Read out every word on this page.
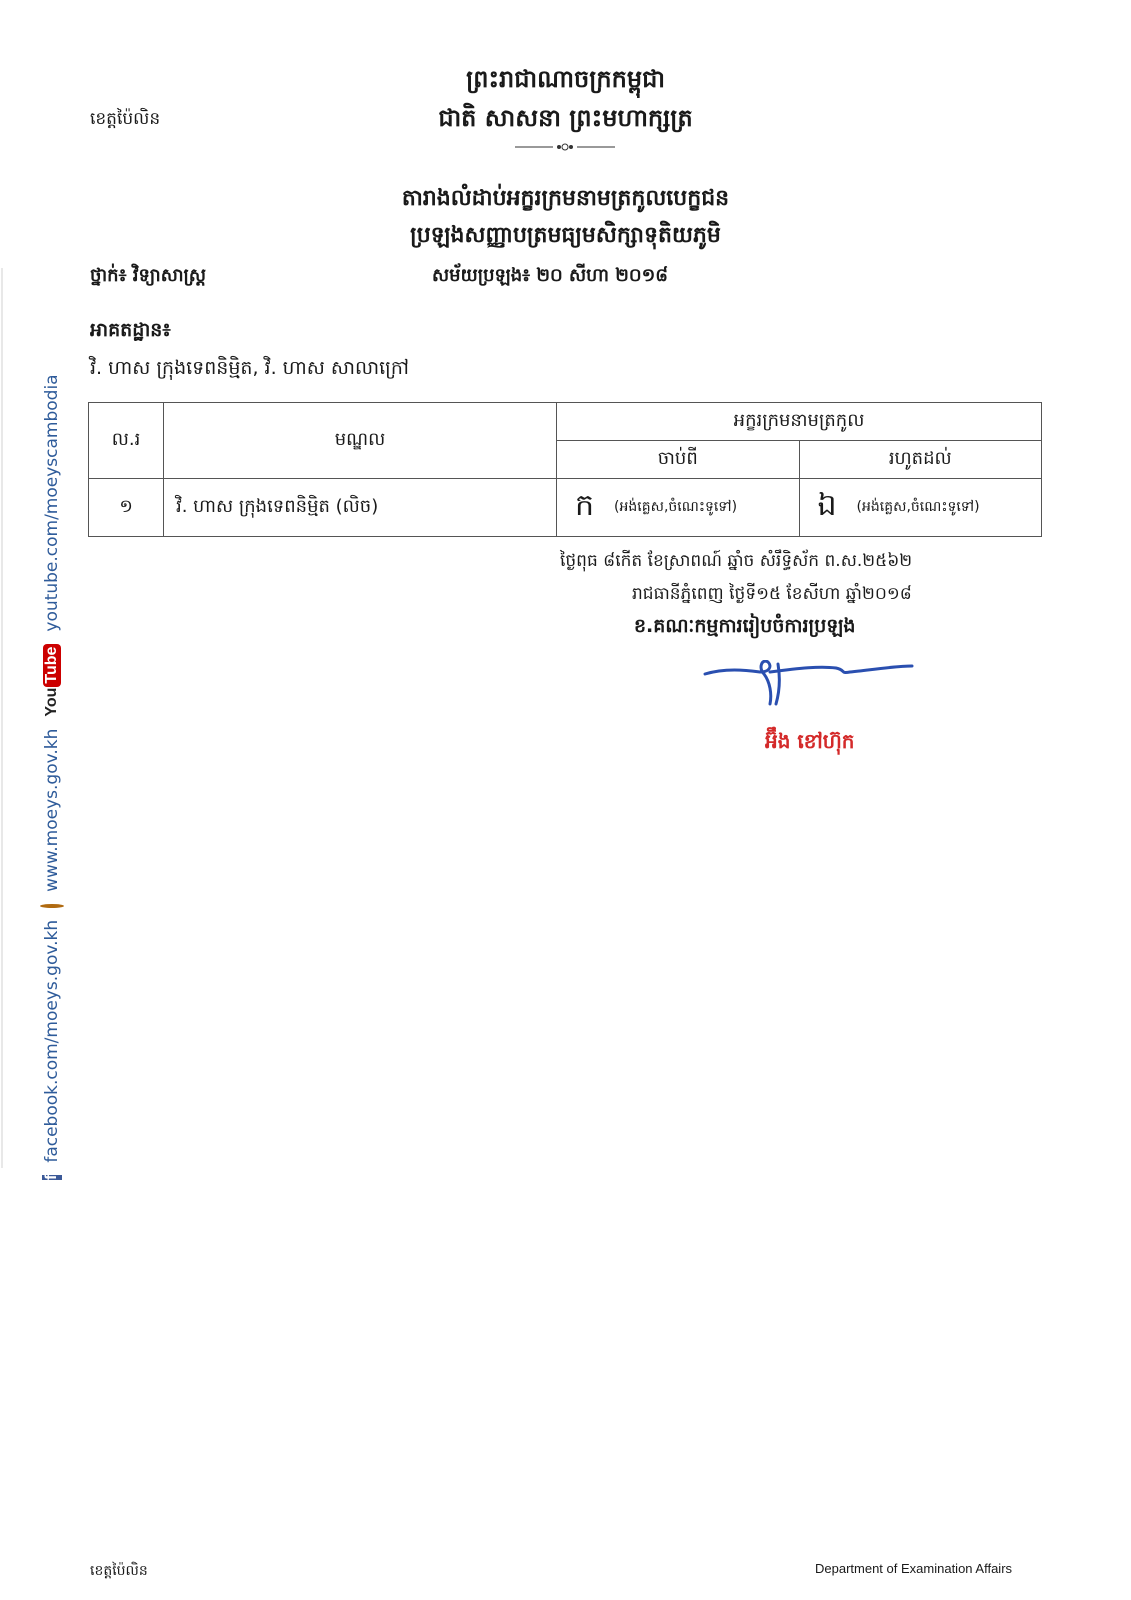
ខេត្តប៉ៃលិន
ព្រះរាជាណាចក្រកម្ពុជា
ជាតិ សាសនា ព្រះមហាក្សត្រ
តារាងលំដាប់អក្ខរក្រមនាមត្រកូលបេក្ខជន
ប្រឡងសញ្ញាបត្រមធ្យមសិក្សាទុតិយភូមិ
ថ្នាក់៖ វិទ្យាសាស្ត្រ	សម័យប្រឡង៖ ២០ សីហា ២០១៨
អាគតដ្ឋាន៖
វិ. ហាស ក្រុងទេពនិម្មិត, វិ. ហាស សាលាក្រៅ
ល.រ	មណ្ឌល	អក្ខរក្រមនាមត្រកូល	
		ចាប់ពី	រហូតដល់
១	វិ. ហាស ក្រុងទេពនិម្មិត (លិច)	ក (អង់គ្លេស,ចំណេះទូទៅ)	ឯ (អង់គ្លេស,ចំណេះទូទៅ)
ថ្ងៃពុធ ៨កើត ខែស្រាពណ៍ ឆ្នាំច សំរឹទ្ធិស័ក ព.ស.២៥៦២
រាជធានីភ្នំពេញ ថ្ងៃទី១៥ ខែសីហា ឆ្នាំ២០១៨
ខ.គណៈកម្មការរៀបចំការប្រឡង
អ៊ឹង ខៅហ៊ុក
f
facebook.com/moeys.gov.kh
www.moeys.gov.kh
You
Tube
youtube.com/moeyscambodia
ខេត្តប៉ៃលិន	Department of Examination Affairs
